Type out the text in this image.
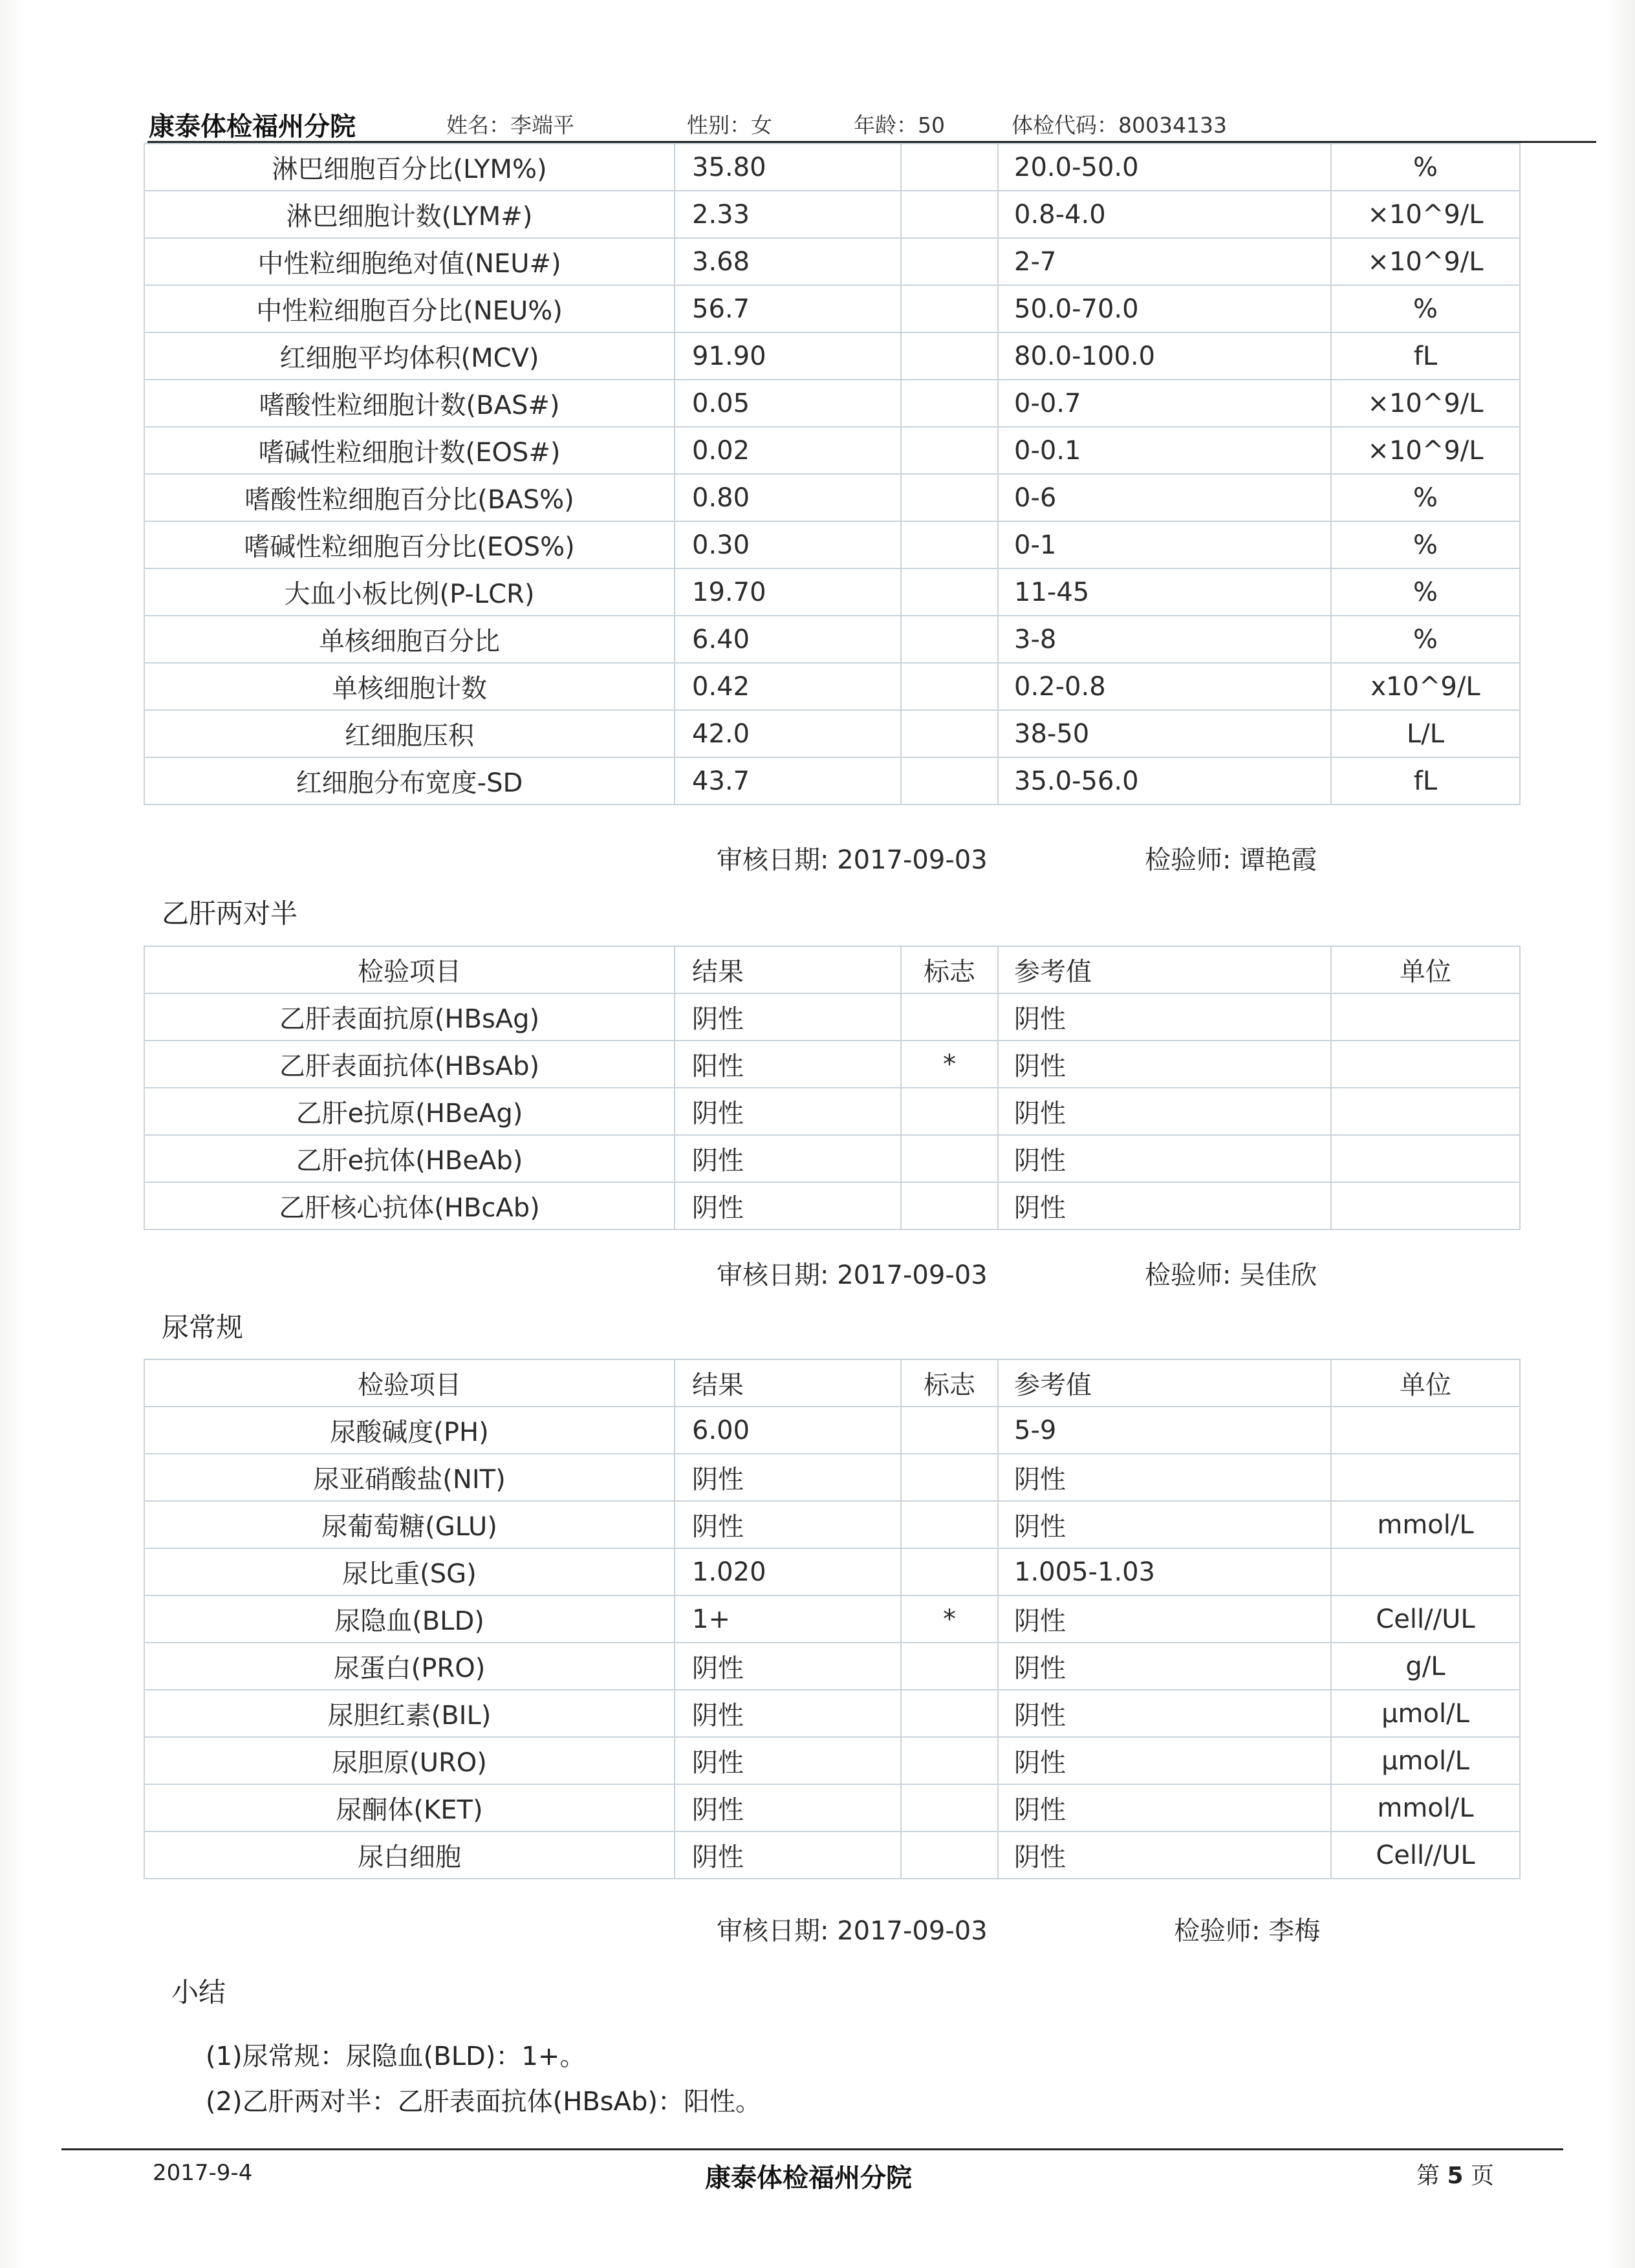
康泰体检福州分院	姓名：李端平	性别：女	年龄：50	体检代码：80034133
淋巴细胞百分比(LYM%)	35.80		20.0-50.0	%
淋巴细胞计数(LYM#)	2.33		0.8-4.0	×10^9/L
中性粒细胞绝对值(NEU#)	3.68		2-7	×10^9/L
中性粒细胞百分比(NEU%)	56.7		50.0-70.0	%
红细胞平均体积(MCV)	91.90		80.0-100.0	fL
嗜酸性粒细胞计数(BAS#)	0.05		0-0.7	×10^9/L
嗜碱性粒细胞计数(EOS#)	0.02		0-0.1	×10^9/L
嗜酸性粒细胞百分比(BAS%)	0.80		0-6	%
嗜碱性粒细胞百分比(EOS%)	0.30		0-1	%
大血小板比例(P-LCR)	19.70		11-45	%
单核细胞百分比	6.40		3-8	%
单核细胞计数	0.42		0.2-0.8	x10^9/L
红细胞压积	42.0		38-50	L/L
红细胞分布宽度-SD	43.7		35.0-56.0	fL
审核日期: 2017-09-03	检验师: 谭艳霞
乙肝两对半
检验项目	结果	标志	参考值	单位
乙肝表面抗原(HBsAg)	阴性		阴性	
乙肝表面抗体(HBsAb)	阳性	*	阴性	
乙肝e抗原(HBeAg)	阴性		阴性	
乙肝e抗体(HBeAb)	阴性		阴性	
乙肝核心抗体(HBcAb)	阴性		阴性	
审核日期: 2017-09-03	检验师: 吴佳欣
尿常规
检验项目	结果	标志	参考值	单位
尿酸碱度(PH)	6.00		5-9	
尿亚硝酸盐(NIT)	阴性		阴性	
尿葡萄糖(GLU)	阴性		阴性	mmol/L
尿比重(SG)	1.020		1.005-1.03	
尿隐血(BLD)	1+	*	阴性	Cell//UL
尿蛋白(PRO)	阴性		阴性	g/L
尿胆红素(BIL)	阴性		阴性	μmol/L
尿胆原(URO)	阴性		阴性	μmol/L
尿酮体(KET)	阴性		阴性	mmol/L
尿白细胞	阴性		阴性	Cell//UL
审核日期: 2017-09-03	检验师: 李梅
小结
(1)尿常规：尿隐血(BLD)：1+。
(2)乙肝两对半：乙肝表面抗体(HBsAb)：阳性。
2017-9-4	康泰体检福州分院	第 5 页
